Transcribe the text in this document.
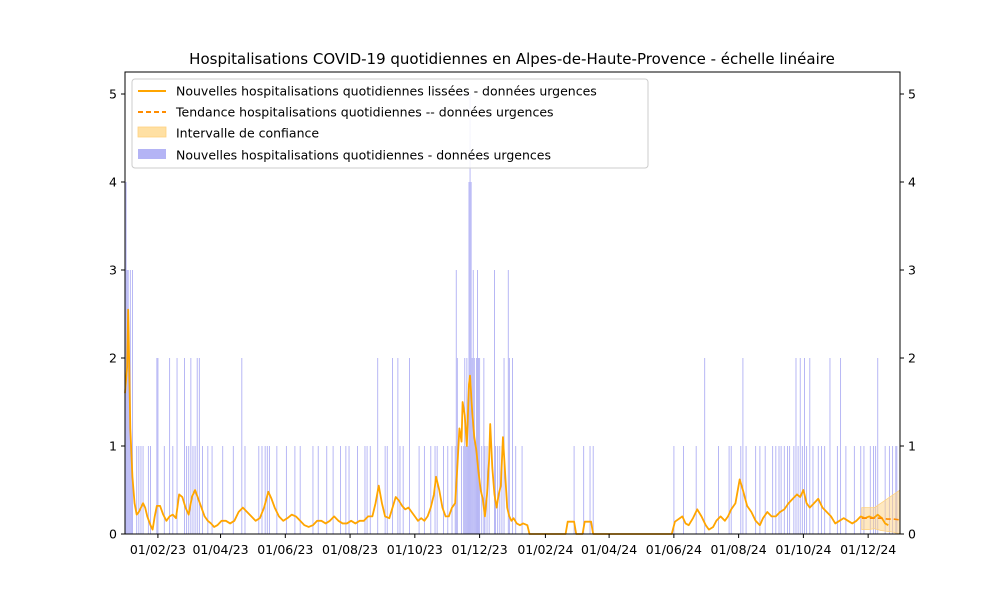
Hospitalisations COVID-19 quotidiennes en Alpes-de-Haute-Provence - échelle linéaire
0
1
2
3
4
5
0
1
2
3
4
5
01/02/23 01/04/23 01/06/23 01/08/23 01/10/23 01/12/23 01/02/24 01/04/24 01/06/24 01/08/24 01/10/24 01/12/24
Nouvelles hospitalisations quotidiennes lissées - données urgences
Tendance hospitalisations quotidiennes -- données urgences
Intervalle de confiance
Nouvelles hospitalisations quotidiennes - données urgences
